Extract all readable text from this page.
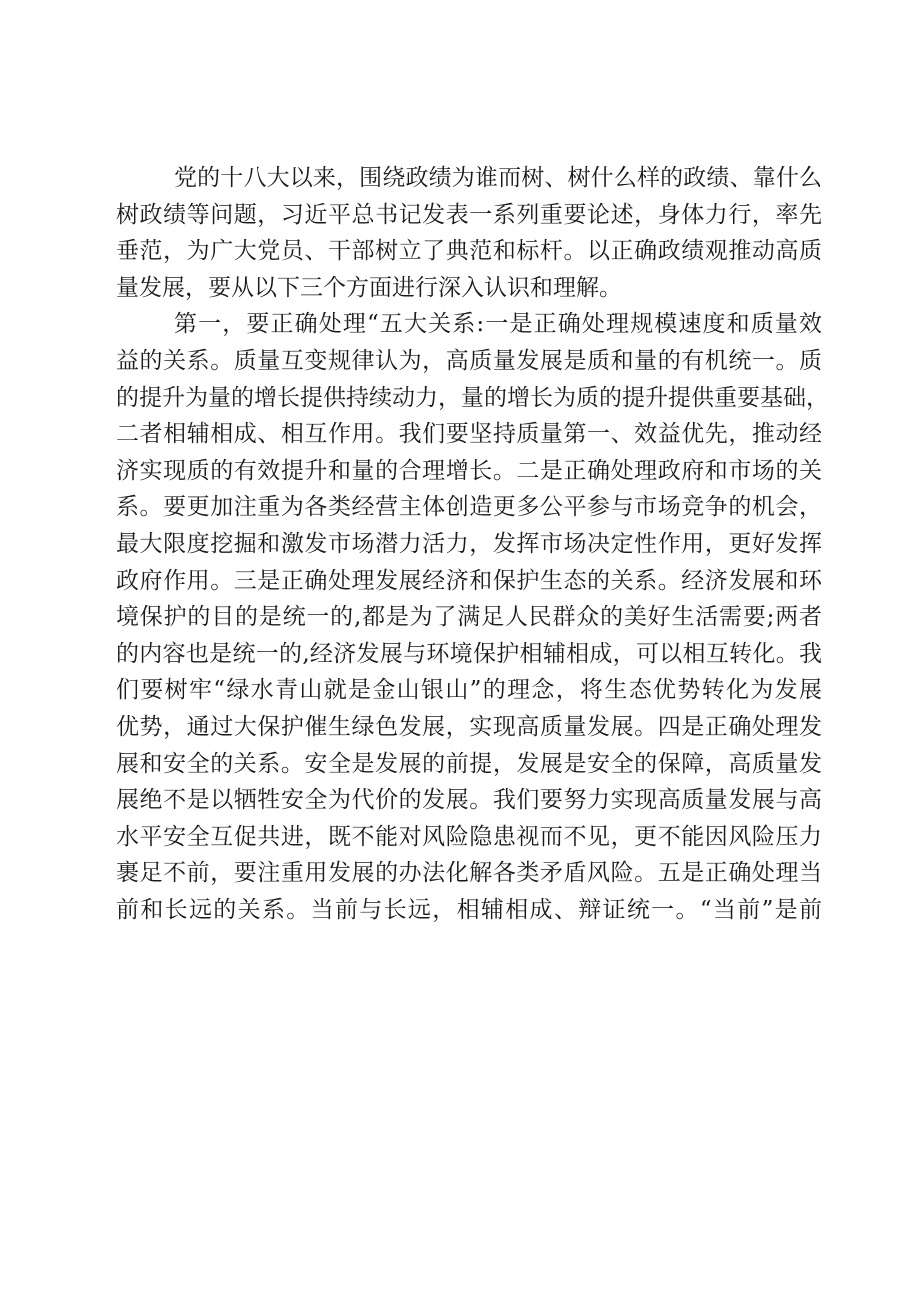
党的十八大以来，围绕政绩为谁而树、树什么样的政绩、靠什么
树政绩等问题，习近平总书记发表一系列重要论述，身体力行，率先
垂范，为广大党员、干部树立了典范和标杆。以正确政绩观推动高质
量发展，要从以下三个方面进行深入认识和理解。
第一，要正确处理“五大关系:一是正确处理规模速度和质量效
益的关系。质量互变规律认为，高质量发展是质和量的有机统一。质
的提升为量的增长提供持续动力，量的增长为质的提升提供重要基础，
二者相辅相成、相互作用。我们要坚持质量第一、效益优先，推动经
济实现质的有效提升和量的合理增长。二是正确处理政府和市场的关
系。要更加注重为各类经营主体创造更多公平参与市场竞争的机会，
最大限度挖掘和激发市场潜力活力，发挥市场决定性作用，更好发挥
政府作用。三是正确处理发展经济和保护生态的关系。经济发展和环
境保护的目的是统一的,都是为了满足人民群众的美好生活需要;两者
的内容也是统一的,经济发展与环境保护相辅相成，可以相互转化。我
们要树牢“绿水青山就是金山银山”的理念，将生态优势转化为发展
优势，通过大保护催生绿色发展，实现高质量发展。四是正确处理发
展和安全的关系。安全是发展的前提，发展是安全的保障，高质量发
展绝不是以牺牲安全为代价的发展。我们要努力实现高质量发展与高
水平安全互促共进，既不能对风险隐患视而不见，更不能因风险压力
裹足不前，要注重用发展的办法化解各类矛盾风险。五是正确处理当
前和长远的关系。当前与长远，相辅相成、辩证统一。“当前”是前
